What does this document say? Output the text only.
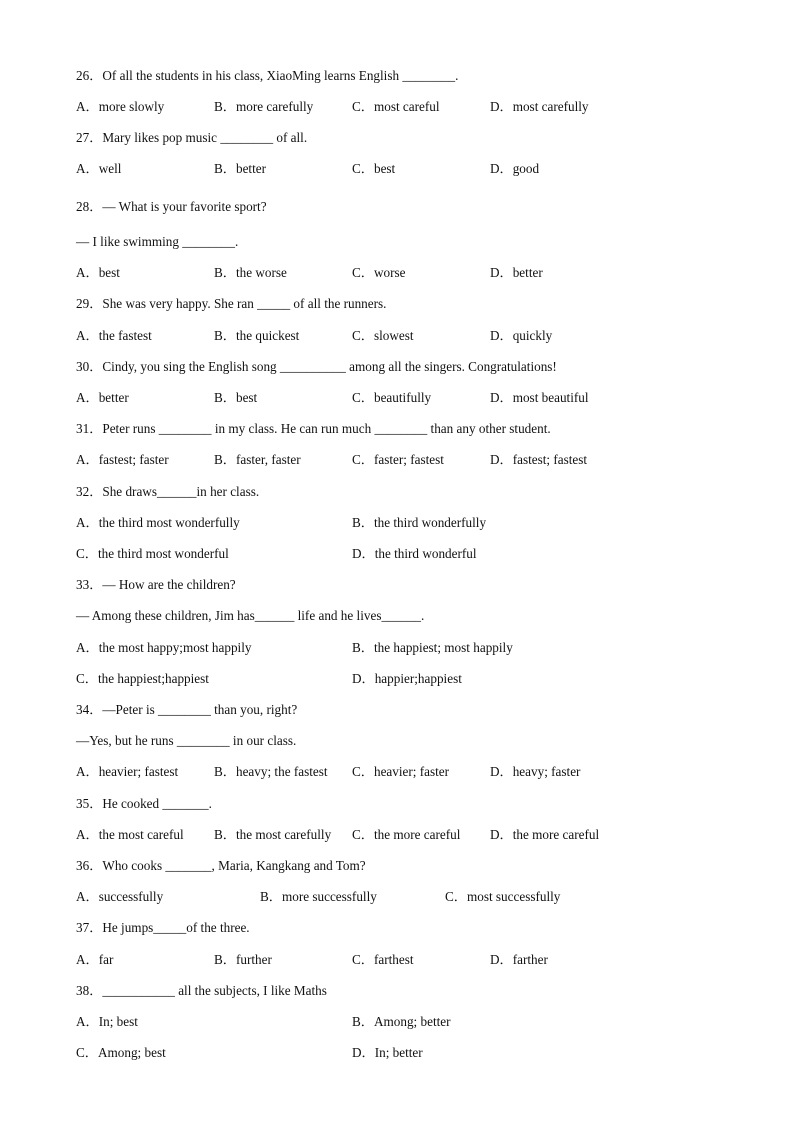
26．Of all the students in his class, XiaoMing learns English ________.
A．more slowly	B．more carefully	C．most careful	D．most carefully
27．Mary likes pop music ________ of all.
A．well	B．better	C．best	D．good
28．— What is your favorite sport?
— I like swimming ________.
A．best	B．the worse	C．worse	D．better
29．She was very happy. She ran _____ of all the runners.
A．the fastest	B．the quickest	C．slowest	D．quickly
30．Cindy, you sing the English song __________ among all the singers. Congratulations!
A．better	B．best	C．beautifully	D．most beautiful
31．Peter runs ________ in my class. He can run much ________ than any other student.
A．fastest; faster	B．faster, faster	C．faster; fastest	D．fastest; fastest
32．She draws______in her class.
A．the third most wonderfully	B．the third wonderfully
C．the third most wonderful	D．the third wonderful
33．— How are the children?
— Among these children, Jim has______ life and he lives______.
A．the most happy;most happily	B．the happiest; most happily
C．the happiest;happiest	D．happier;happiest
34．—Peter is ________ than you, right?
—Yes, but he runs ________ in our class.
A．heavier; fastest	B．heavy; the fastest C．heavier; faster	D．heavy; faster
35．He cooked _______.
A．the most careful B．the most carefully C．the more careful D．the more careful
36．Who cooks _______, Maria, Kangkang and Tom?
A．successfully	B．more successfully	C．most successfully
37．He jumps_____of the three.
A．far	B．further	C．farthest	D．farther
38．___________ all the subjects, I like Maths
A．In; best	B．Among; better
C．Among; best	D．In; better
